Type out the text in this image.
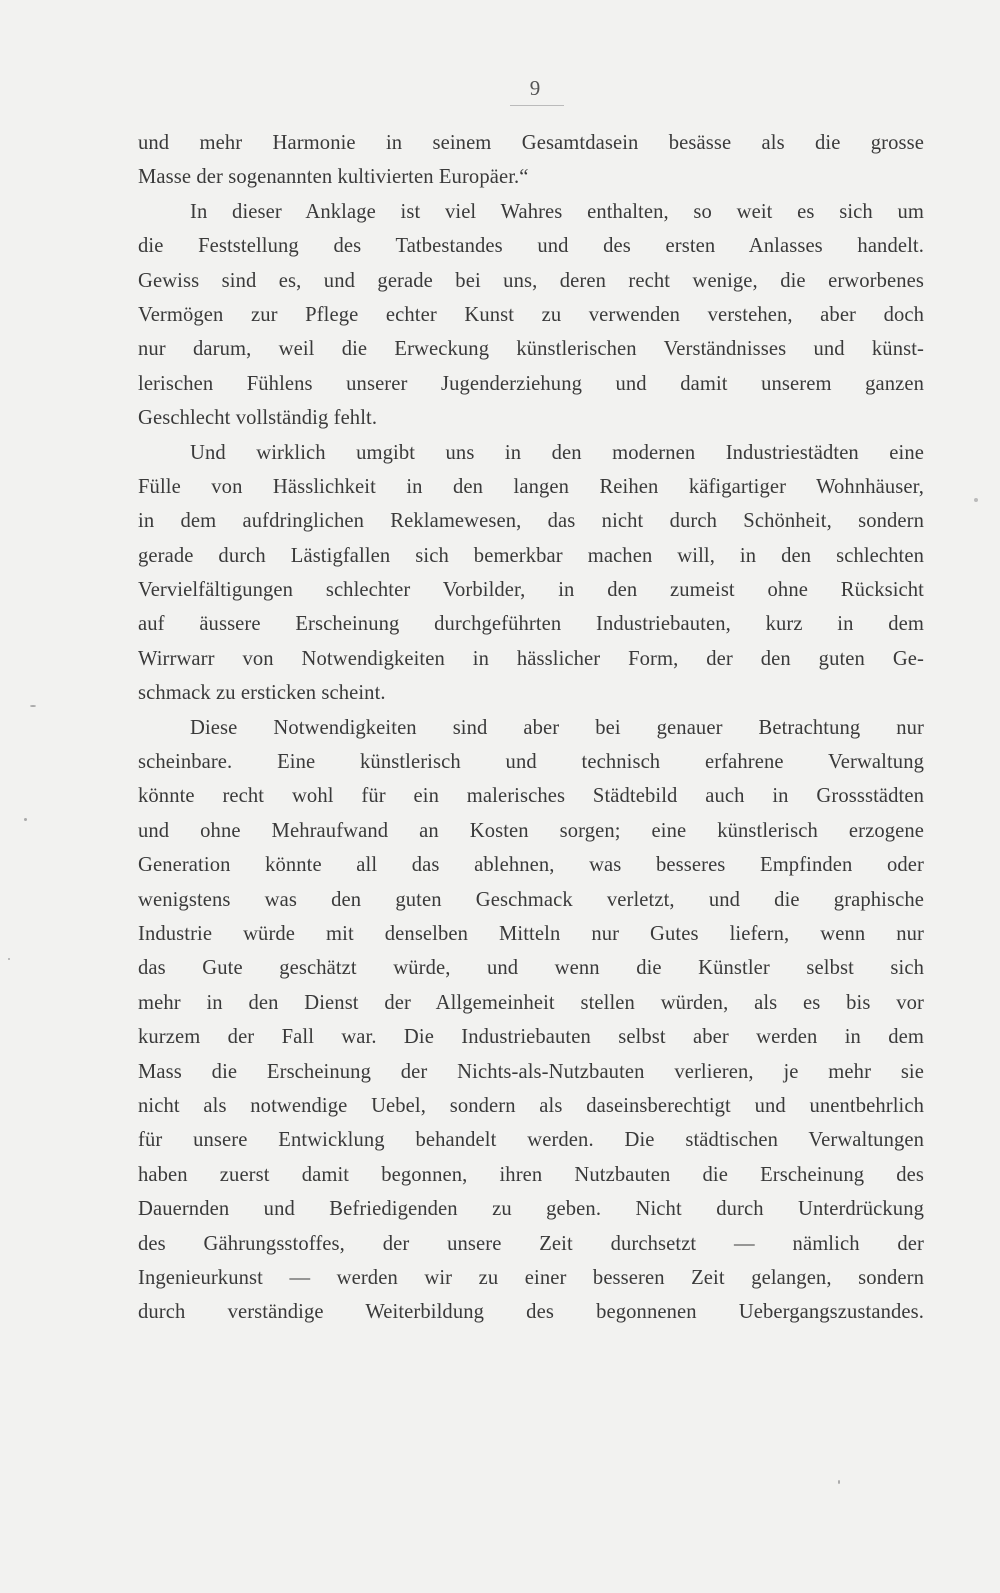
9
und mehr Harmonie in seinem Gesamtdasein besässe als die grosse
Masse der sogenannten kultivierten Europäer.“
In dieser Anklage ist viel Wahres enthalten, so weit es sich um
die Feststellung des Tatbestandes und des ersten Anlasses handelt.
Gewiss sind es, und gerade bei uns, deren recht wenige, die erworbenes
Vermögen zur Pflege echter Kunst zu verwenden verstehen, aber doch
nur darum, weil die Erweckung künstlerischen Verständnisses und künst-
lerischen Fühlens unserer Jugenderziehung und damit unserem ganzen
Geschlecht vollständig fehlt.
Und wirklich umgibt uns in den modernen Industriestädten eine
Fülle von Hässlichkeit in den langen Reihen käfigartiger Wohnhäuser,
in dem aufdringlichen Reklamewesen, das nicht durch Schönheit, sondern
gerade durch Lästigfallen sich bemerkbar machen will, in den schlechten
Vervielfältigungen schlechter Vorbilder, in den zumeist ohne Rücksicht
auf äussere Erscheinung durchgeführten Industriebauten, kurz in dem
Wirrwarr von Notwendigkeiten in hässlicher Form, der den guten Ge-
schmack zu ersticken scheint.
Diese Notwendigkeiten sind aber bei genauer Betrachtung nur
scheinbare. Eine künstlerisch und technisch erfahrene Verwaltung
könnte recht wohl für ein malerisches Städtebild auch in Grossstädten
und ohne Mehraufwand an Kosten sorgen; eine künstlerisch erzogene
Generation könnte all das ablehnen, was besseres Empfinden oder
wenigstens was den guten Geschmack verletzt, und die graphische
Industrie würde mit denselben Mitteln nur Gutes liefern, wenn nur
das Gute geschätzt würde, und wenn die Künstler selbst sich
mehr in den Dienst der Allgemeinheit stellen würden, als es bis vor
kurzem der Fall war. Die Industriebauten selbst aber werden in dem
Mass die Erscheinung der Nichts-als-Nutzbauten verlieren, je mehr sie
nicht als notwendige Uebel, sondern als daseinsberechtigt und unentbehrlich
für unsere Entwicklung behandelt werden. Die städtischen Verwaltungen
haben zuerst damit begonnen, ihren Nutzbauten die Erscheinung des
Dauernden und Befriedigenden zu geben. Nicht durch Unterdrückung
des Gährungsstoffes, der unsere Zeit durchsetzt — nämlich der
Ingenieurkunst — werden wir zu einer besseren Zeit gelangen, sondern
durch verständige Weiterbildung des begonnenen Uebergangszustandes.
